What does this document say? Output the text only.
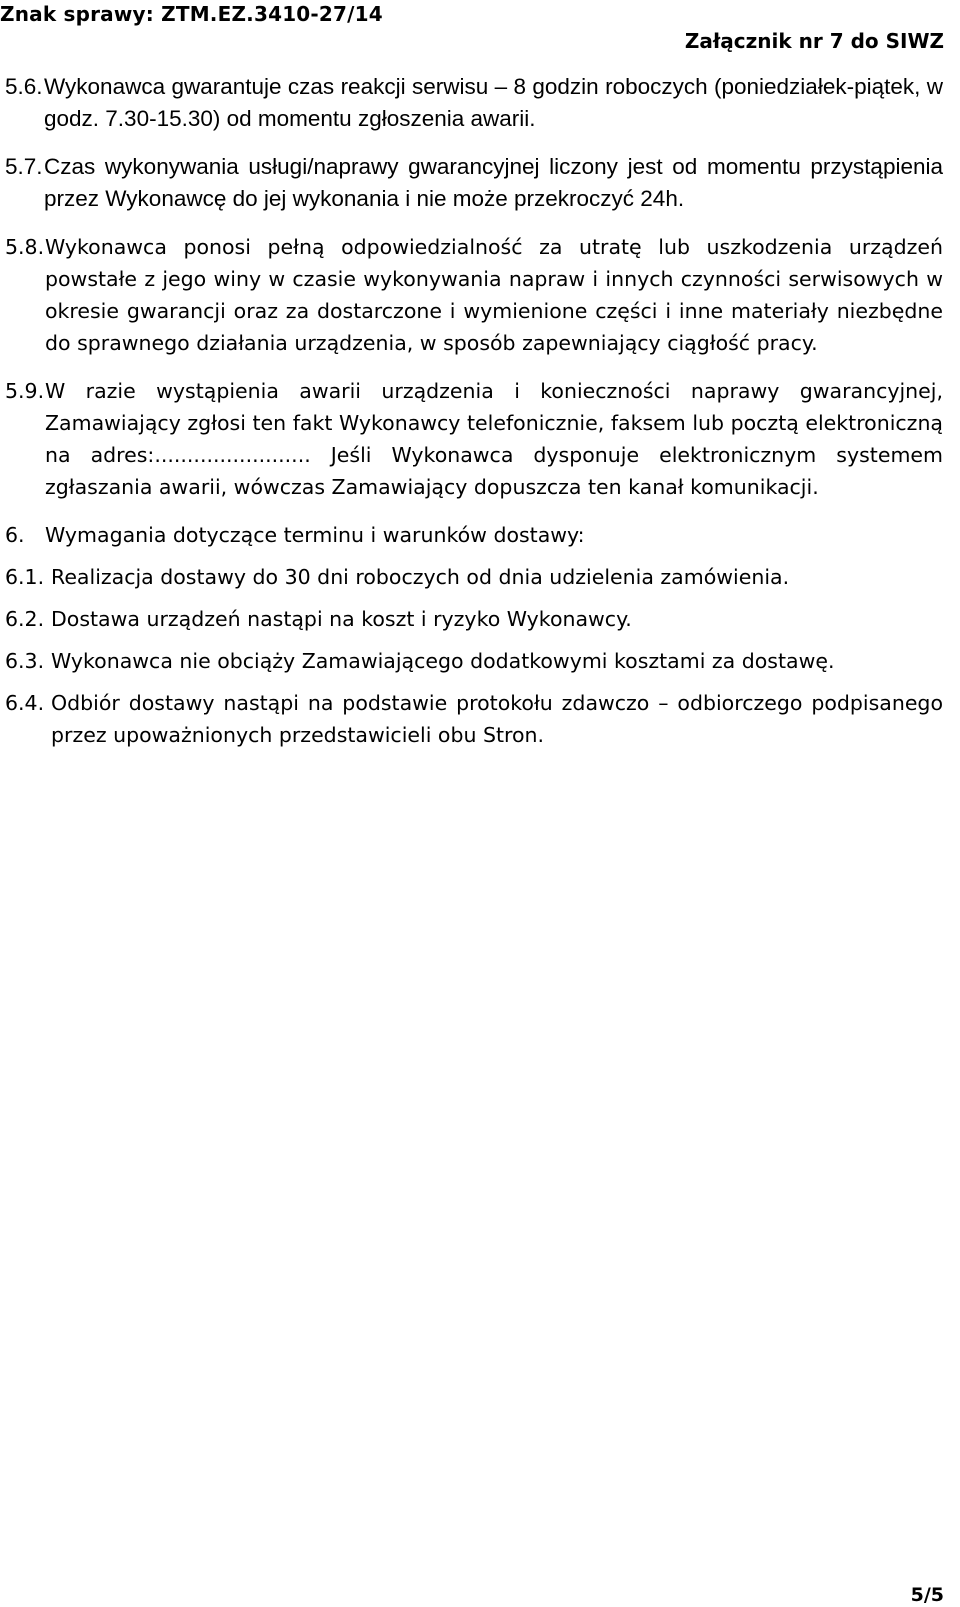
Znak sprawy: ZTM.EZ.3410-27/14
Załącznik nr 7 do SIWZ
5.6. Wykonawca gwarantuje czas reakcji serwisu – 8 godzin roboczych (poniedziałek-piątek, w godz. 7.30-15.30) od momentu zgłoszenia awarii.
5.7. Czas wykonywania usługi/naprawy gwarancyjnej liczony jest od momentu przystąpienia przez Wykonawcę do jej wykonania i nie może przekroczyć 24h.
5.8. Wykonawca ponosi pełną odpowiedzialność za utratę lub uszkodzenia urządzeń powstałe z jego winy w czasie wykonywania napraw i innych czynności serwisowych w okresie gwarancji oraz za dostarczone i wymienione części i inne materiały niezbędne do sprawnego działania urządzenia, w sposób zapewniający ciągłość pracy.
5.9. W razie wystąpienia awarii urządzenia i konieczności naprawy gwarancyjnej, Zamawiający zgłosi ten fakt Wykonawcy telefonicznie, faksem lub pocztą elektroniczną na adres:........................ Jeśli Wykonawca dysponuje elektronicznym systemem zgłaszania awarii, wówczas Zamawiający dopuszcza ten kanał komunikacji.
6. Wymagania dotyczące terminu i warunków dostawy:
6.1. Realizacja dostawy do 30 dni roboczych od dnia udzielenia zamówienia.
6.2. Dostawa urządzeń nastąpi na koszt i ryzyko Wykonawcy.
6.3. Wykonawca nie obciąży Zamawiającego dodatkowymi kosztami za dostawę.
6.4. Odbiór dostawy nastąpi na podstawie protokołu zdawczo – odbiorczego podpisanego przez upoważnionych przedstawicieli obu Stron.
5/5
